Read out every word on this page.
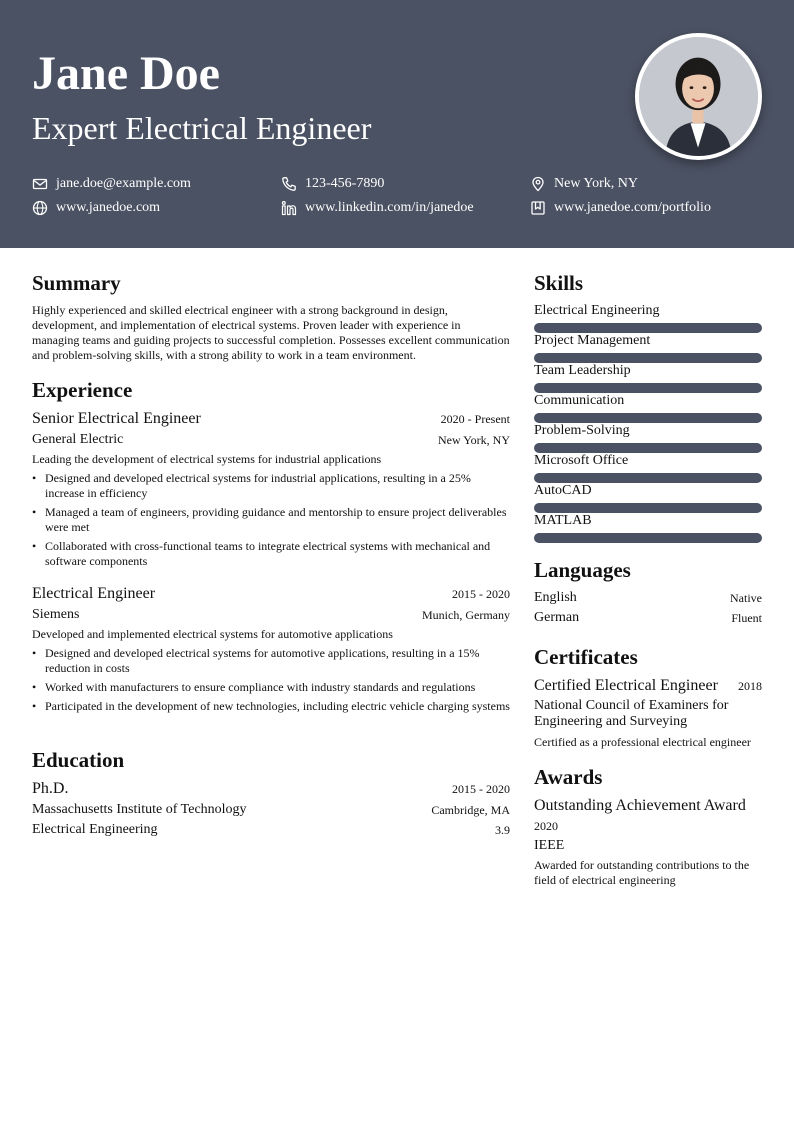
Jane Doe
Expert Electrical Engineer
jane.doe@example.com	123-456-7890	New York, NY
www.janedoe.com	www.linkedin.com/in/janedoe	www.janedoe.com/portfolio
Summary
Highly experienced and skilled electrical engineer with a strong background in design, development, and implementation of electrical systems. Proven leader with experience in managing teams and guiding projects to successful completion. Possesses excellent communication and problem-solving skills, with a strong ability to work in a team environment.
Experience
Senior Electrical Engineer	2020 - Present
General Electric	New York, NY
Leading the development of electrical systems for industrial applications
• Designed and developed electrical systems for industrial applications, resulting in a 25% increase in efficiency
• Managed a team of engineers, providing guidance and mentorship to ensure project deliverables were met
• Collaborated with cross-functional teams to integrate electrical systems with mechanical and software components
Electrical Engineer	2015 - 2020
Siemens	Munich, Germany
Developed and implemented electrical systems for automotive applications
• Designed and developed electrical systems for automotive applications, resulting in a 15% reduction in costs
• Worked with manufacturers to ensure compliance with industry standards and regulations
• Participated in the development of new technologies, including electric vehicle charging systems
Education
Ph.D.	2015 - 2020
Massachusetts Institute of Technology	Cambridge, MA
Electrical Engineering	3.9
Skills
Electrical Engineering
Project Management
Team Leadership
Communication
Problem-Solving
Microsoft Office
AutoCAD
MATLAB
Languages
English	Native
German	Fluent
Certificates
Certified Electrical Engineer 2018
National Council of Examiners for Engineering and Surveying
Certified as a professional electrical engineer
Awards
Outstanding Achievement Award
2020
IEEE
Awarded for outstanding contributions to the field of electrical engineering
